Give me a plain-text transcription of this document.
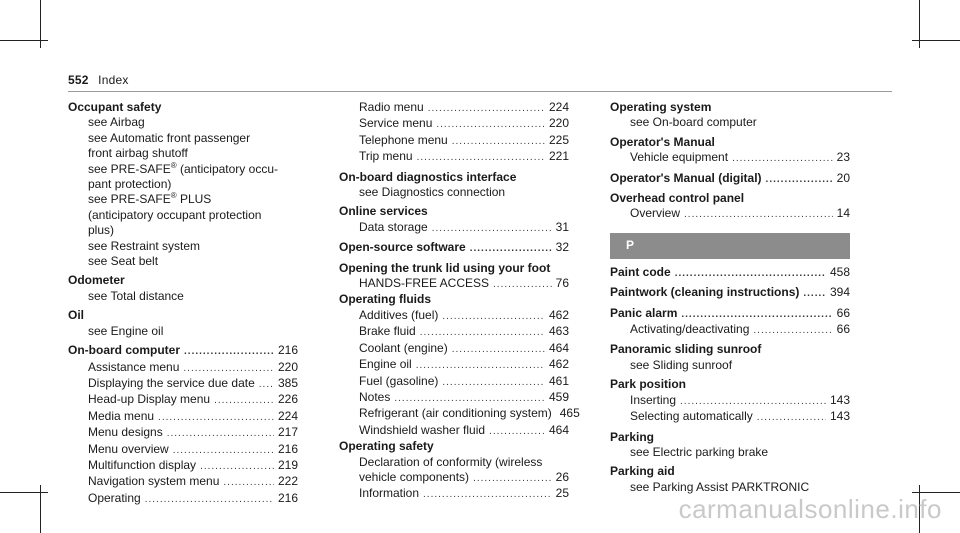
552 Index
Occupant safety
see Airbag
see Automatic front passenger front airbag shutoff
see PRE-SAFE® (anticipatory occu-pant protection)
see PRE-SAFE® PLUS (anticipatory occupant protection plus)
see Restraint system
see Seat belt
Odometer
see Total distance
Oil
see Engine oil
On-board computer .....	216
Assistance menu .....	220
Displaying the service due date ..... 385
Head-up Display menu .....	226
Media menu .....	224
Menu designs .....	217
Menu overview .....	216
Multifunction display .....	219
Navigation system menu .....	222
Operating .....	216
Radio menu .....	224
Service menu .....	220
Telephone menu .....	225
Trip menu .....	221
On-board diagnostics interface
see Diagnostics connection
Online services
Data storage .....	31
Open-source software .....	32
Opening the trunk lid using your foot
HANDS-FREE ACCESS .....	76
Operating fluids
Additives (fuel) .....	462
Brake fluid .....	463
Coolant (engine) .....	464
Engine oil .....	462
Fuel (gasoline) .....	461
Notes .....	459
Refrigerant (air conditioning system) 465
Windshield washer fluid .....	464
Operating safety
Declaration of conformity (wireless
vehicle components) .....	26
Information .....	25
Operating system
see On-board computer
Operator's Manual
Vehicle equipment .....	23
Operator's Manual (digital) .....	20
Overhead control panel
Overview .....	14
P
Paint code .....	458
Paintwork (cleaning instructions) .....	394
Panic alarm .....	66
Activating/deactivating .....	66
Panoramic sliding sunroof
see Sliding sunroof
Park position
Inserting .....	143
Selecting automatically .....	143
Parking
see Electric parking brake
Parking aid
see Parking Assist PARKTRONIC
carmanualsonline.info
